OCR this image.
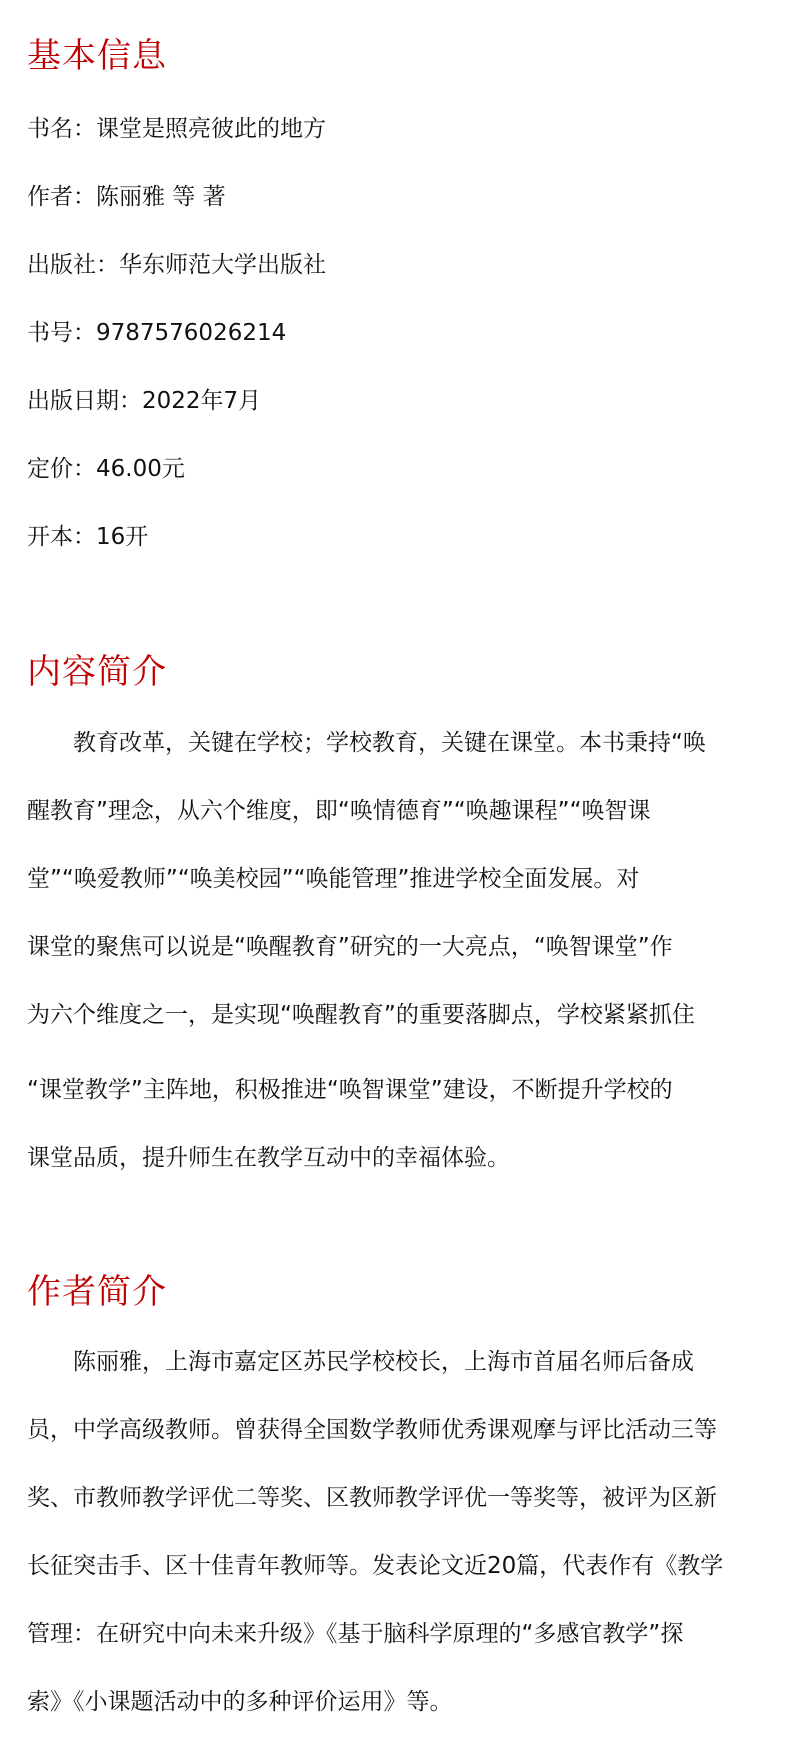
基本信息

书名：课堂是照亮彼此的地方

作者：陈丽雅 等 著

出版社：华东师范大学出版社

书号：9787576026214

出版日期：2022年7月

定价：46.00元

开本：16开

内容简介

教育改革，关键在学校；学校教育，关键在课堂。本书秉持“唤

醒教育”理念，从六个维度，即“唤情德育”“唤趣课程”“唤智课

堂”“唤爱教师”“唤美校园”“唤能管理”推进学校全面发展。对

课堂的聚焦可以说是“唤醒教育”研究的一大亮点，“唤智课堂”作

为六个维度之一，是实现“唤醒教育”的重要落脚点，学校紧紧抓住

“课堂教学”主阵地，积极推进“唤智课堂”建设，不断提升学校的

课堂品质，提升师生在教学互动中的幸福体验。

作者简介

陈丽雅，上海市嘉定区苏民学校校长，上海市首届名师后备成

员，中学高级教师。曾获得全国数学教师优秀课观摩与评比活动三等

奖、市教师教学评优二等奖、区教师教学评优一等奖等，被评为区新

长征突击手、区十佳青年教师等。发表论文近20篇，代表作有《教学

管理：在研究中向未来升级》《基于脑科学原理的“多感官教学”探

索》《小课题活动中的多种评价运用》等。
